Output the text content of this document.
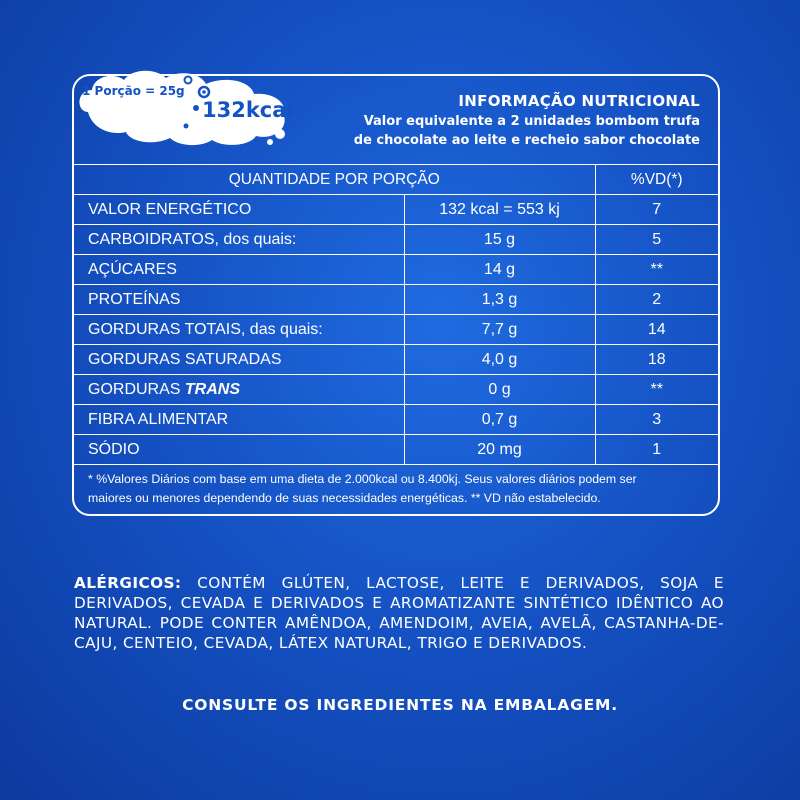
1 Porção = 25g
132kcal	INFORMAÇÃO NUTRICIONAL
Valor equivalente a 2 unidades bombom trufa
de chocolate ao leite e recheio sabor chocolate
QUANTIDADE POR PORÇÃO		%VD(*)
VALOR ENERGÉTICO	132 kcal = 553 kj	7
CARBOIDRATOS, dos quais:	15 g	5
AÇÚCARES	14 g	**
PROTEÍNAS	1,3 g	2
GORDURAS TOTAIS, das quais:	7,7 g	14
GORDURAS SATURADAS	4,0 g	18
GORDURAS TRANS	0 g	**
FIBRA ALIMENTAR	0,7 g	3
SÓDIO	20 mg	1
* %Valores Diários com base em uma dieta de 2.000kcal ou 8.400kj. Seus valores diários podem ser
maiores ou menores dependendo de suas necessidades energéticas. ** VD não estabelecido.
ALÉRGICOS: CONTÉM GLÚTEN, LACTOSE, LEITE E DERIVADOS, SOJA E DERIVADOS, CEVADA E DERIVADOS E AROMATIZANTE SINTÉTICO IDÊNTICO AO NATURAL. PODE CONTER AMÊNDOA, AMENDOIM, AVEIA, AVELÃ, CASTANHA-DE-CAJU, CENTEIO, CEVADA, LÁTEX NATURAL, TRIGO E DERIVADOS.
CONSULTE OS INGREDIENTES NA EMBALAGEM.
